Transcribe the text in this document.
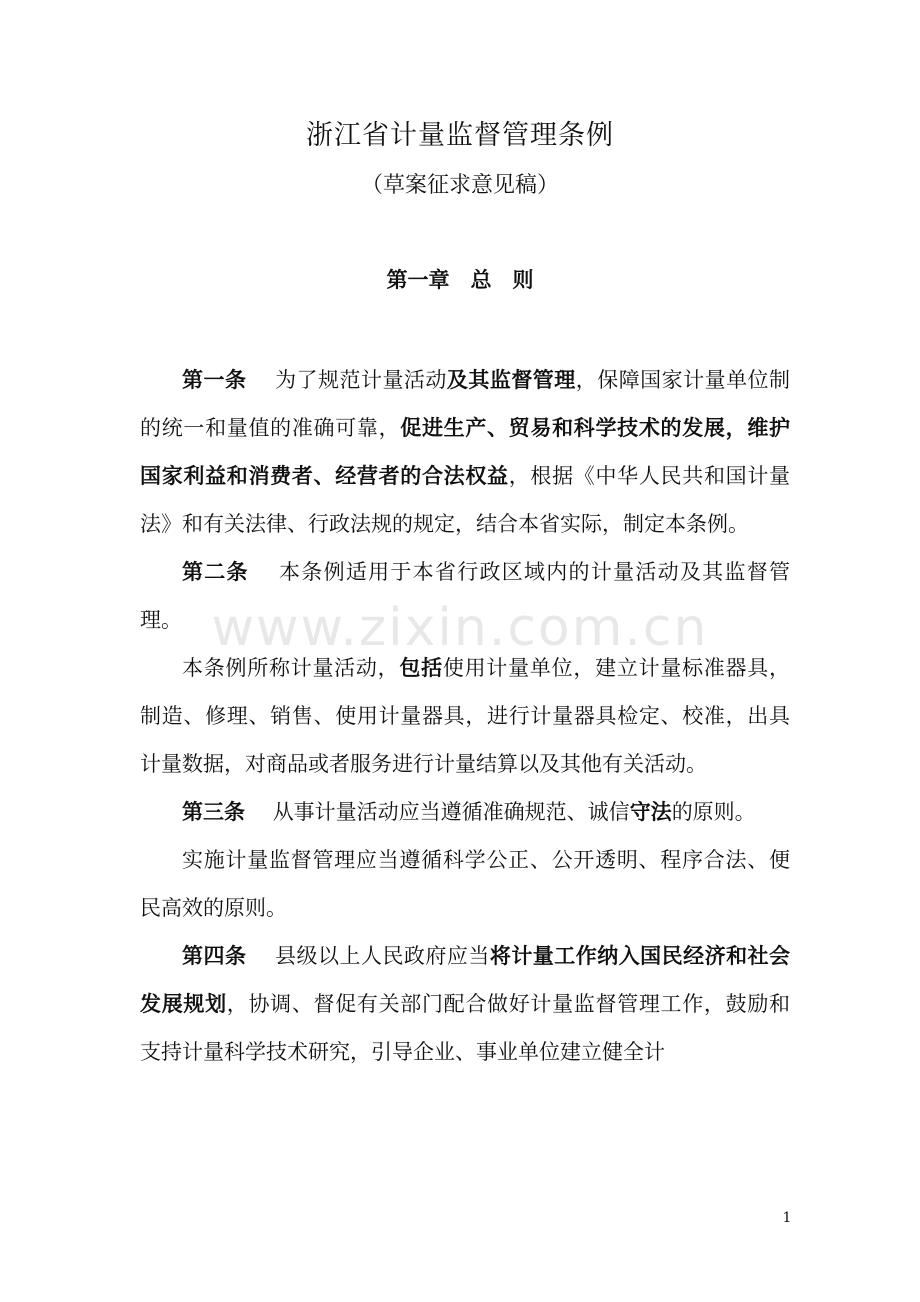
浙江省计量监督管理条例
（草案征求意见稿）
第一章　总　则
www.zixin.com.cn

第一条　 为了规范计量活动及其监督管理，保障国家计量单位制的统一和量值的准确可靠，促进生产、贸易和科学技术的发展，维护国家利益和消费者、经营者的合法权益，根据《中华人民共和国计量法》和有关法律、行政法规的规定，结合本省实际，制定本条例。

第二条　 本条例适用于本省行政区域内的计量活动及其监督管理。

本条例所称计量活动，包括使用计量单位，建立计量标准器具，制造、修理、销售、使用计量器具，进行计量器具检定、校准，出具计量数据，对商品或者服务进行计量结算以及其他有关活动。

第三条　 从事计量活动应当遵循准确规范、诚信守法的原则。

实施计量监督管理应当遵循科学公正、公开透明、程序合法、便民高效的原则。

第四条　 县级以上人民政府应当将计量工作纳入国民经济和社会发展规划，协调、督促有关部门配合做好计量监督管理工作，鼓励和支持计量科学技术研究，引导企业、事业单位建立健全计

1
